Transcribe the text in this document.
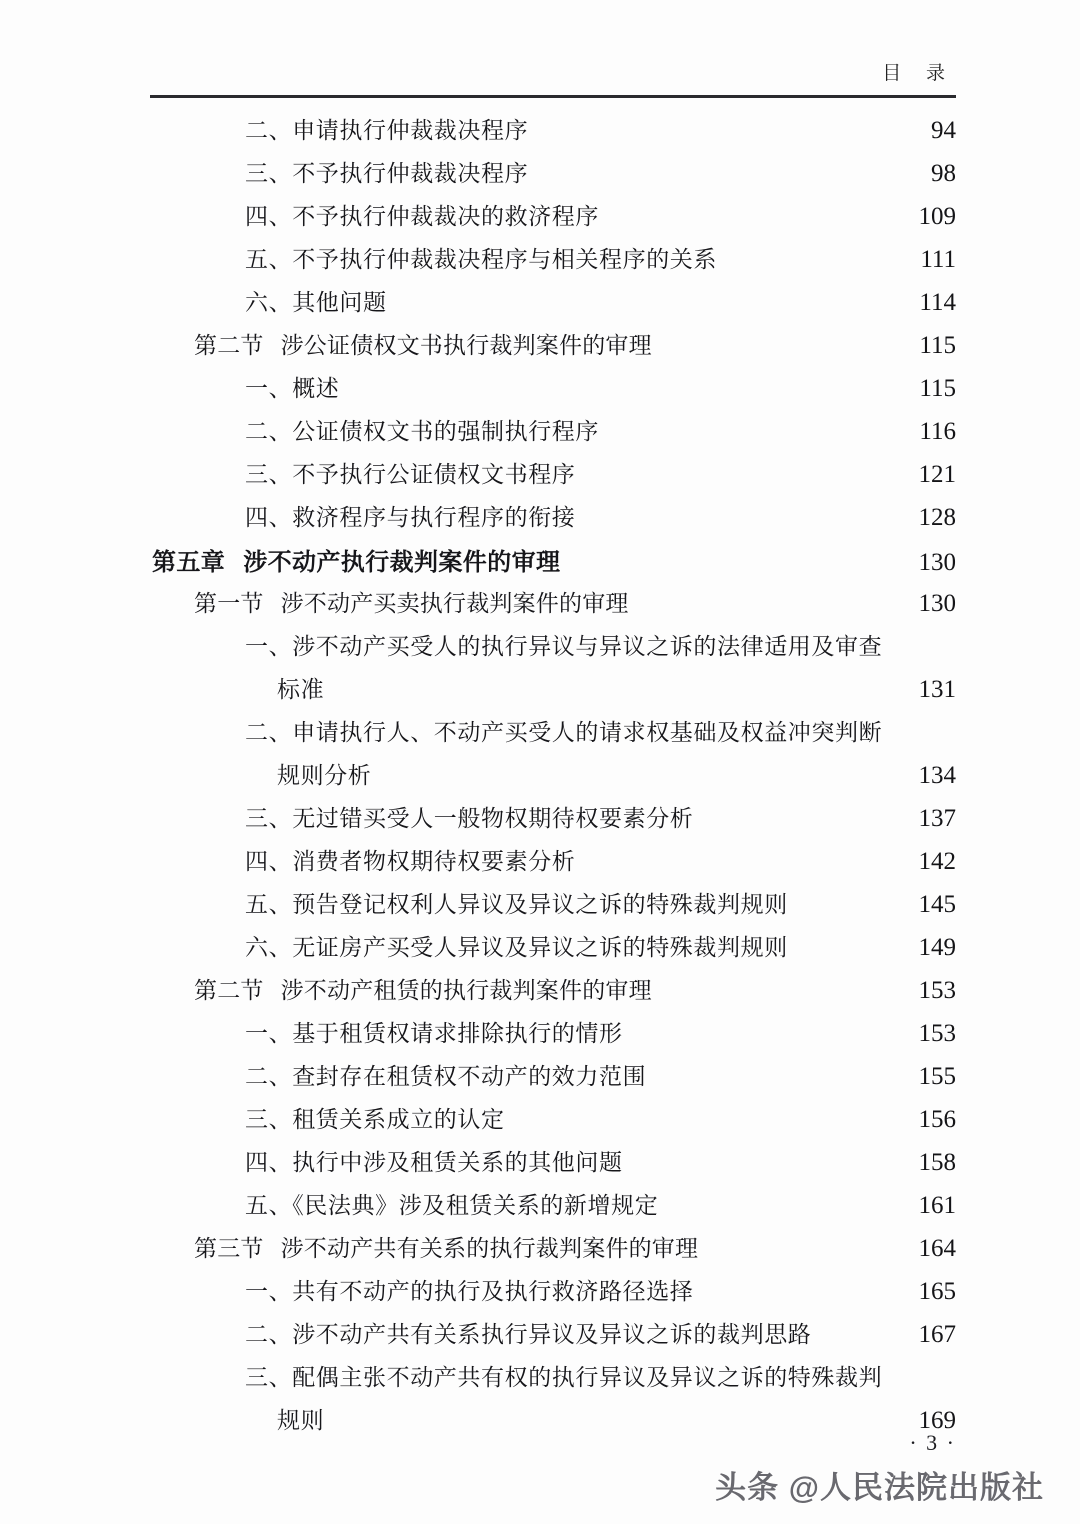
目 录
二、申请执行仲裁裁决程序 ·····	94
三、不予执行仲裁裁决程序 ·····	98
四、不予执行仲裁裁决的救济程序 ·····	109
五、不予执行仲裁裁决程序与相关程序的关系 ·····	111
六、其他问题 ·····	114
第二节 涉公证债权文书执行裁判案件的审理 ·····	115
一、概述 ·····	115
二、公证债权文书的强制执行程序 ·····	116
三、不予执行公证债权文书程序 ·····	121
四、救济程序与执行程序的衔接 ·····	128
第五章 涉不动产执行裁判案件的审理 ·····	130
第一节 涉不动产买卖执行裁判案件的审理 ·····	130
一、涉不动产买受人的执行异议与异议之诉的法律适用及审查
标准 ·····	131
二、申请执行人、不动产买受人的请求权基础及权益冲突判断
规则分析 ·····	134
三、无过错买受人一般物权期待权要素分析 ·····	137
四、消费者物权期待权要素分析 ·····	142
五、预告登记权利人异议及异议之诉的特殊裁判规则 ·····	145
六、无证房产买受人异议及异议之诉的特殊裁判规则 ·····	149
第二节 涉不动产租赁的执行裁判案件的审理 ·····	153
一、基于租赁权请求排除执行的情形 ·····	153
二、查封存在租赁权不动产的效力范围 ·····	155
三、租赁关系成立的认定 ·····	156
四、执行中涉及租赁关系的其他问题 ·····	158
五、《民法典》涉及租赁关系的新增规定 ·····	161
第三节 涉不动产共有关系的执行裁判案件的审理 ·····	164
一、共有不动产的执行及执行救济路径选择 ·····	165
二、涉不动产共有关系执行异议及异议之诉的裁判思路 ·····	167
三、配偶主张不动产共有权的执行异议及异议之诉的特殊裁判
规则 ·····	169
· 3 ·
头条 @人民法院出版社
